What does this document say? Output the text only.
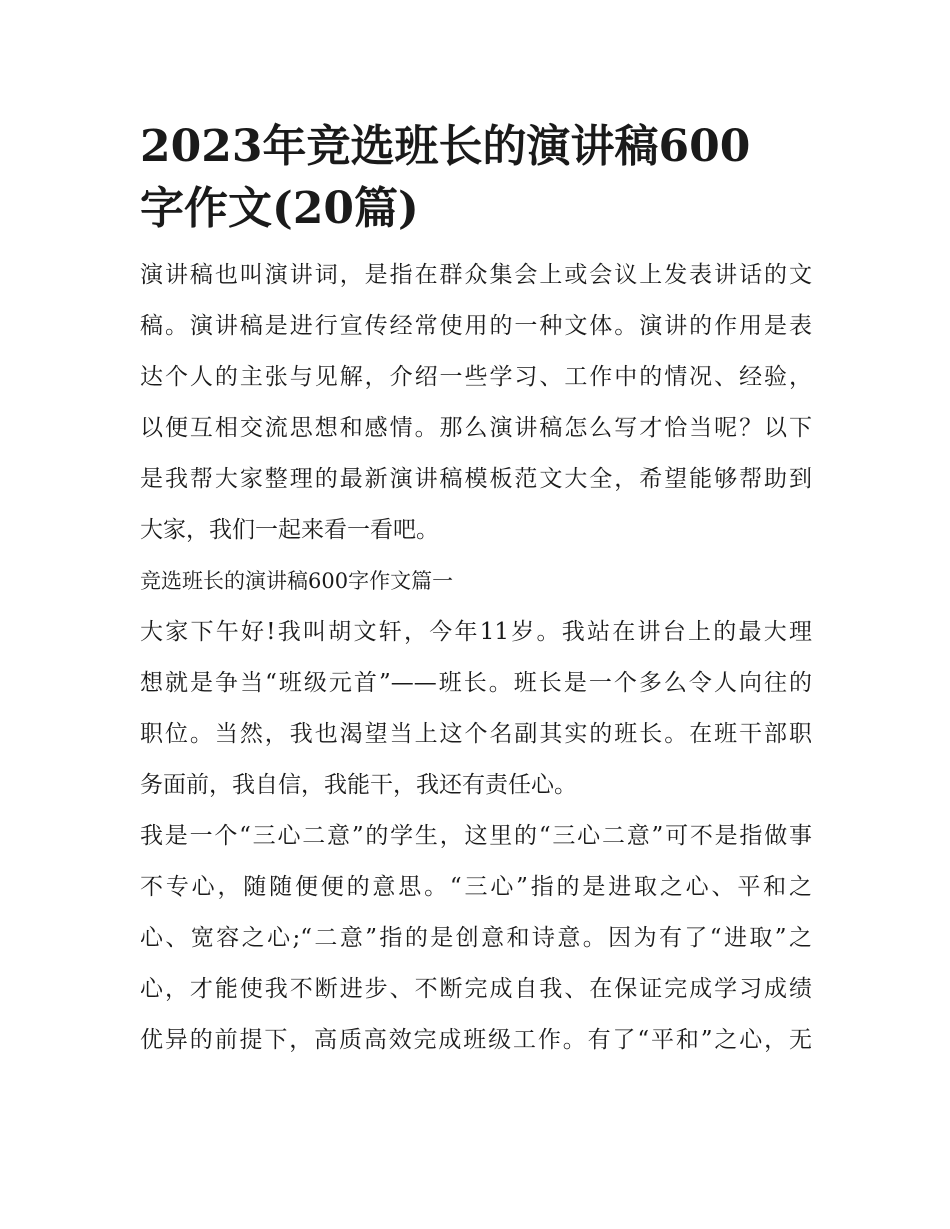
2023年竞选班长的演讲稿600
字作文(20篇)
演讲稿也叫演讲词，是指在群众集会上或会议上发表讲话的文
稿。演讲稿是进行宣传经常使用的一种文体。演讲的作用是表
达个人的主张与见解，介绍一些学习、工作中的情况、经验，
以便互相交流思想和感情。那么演讲稿怎么写才恰当呢？以下
是我帮大家整理的最新演讲稿模板范文大全，希望能够帮助到
大家，我们一起来看一看吧。
竞选班长的演讲稿600字作文篇一
大家下午好!我叫胡文轩，今年11岁。我站在讲台上的最大理
想就是争当“班级元首”——班长。班长是一个多么令人向往的
职位。当然，我也渴望当上这个名副其实的班长。在班干部职
务面前，我自信，我能干，我还有责任心。
我是一个“三心二意”的学生，这里的“三心二意”可不是指做事
不专心，随随便便的意思。“三心”指的是进取之心、平和之
心、宽容之心;“二意”指的是创意和诗意。因为有了“进取”之
心，才能使我不断进步、不断完成自我、在保证完成学习成绩
优异的前提下，高质高效完成班级工作。有了“平和”之心，无
